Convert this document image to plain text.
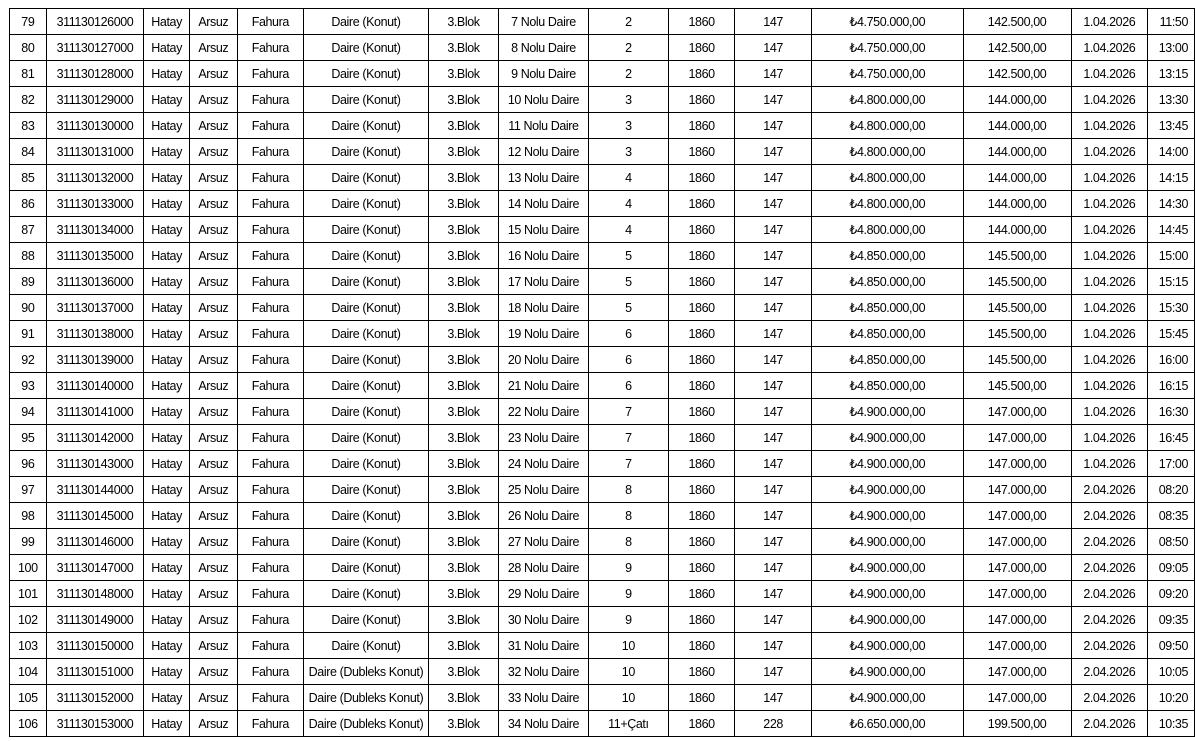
79	311130126000	Hatay	Arsuz	Fahura	Daire (Konut)	3.Blok	7 Nolu Daire	2	1860	147	₺4.750.000,00	142.500,00	1.04.2026	11:50
80	311130127000	Hatay	Arsuz	Fahura	Daire (Konut)	3.Blok	8 Nolu Daire	2	1860	147	₺4.750.000,00	142.500,00	1.04.2026	13:00
81	311130128000	Hatay	Arsuz	Fahura	Daire (Konut)	3.Blok	9 Nolu Daire	2	1860	147	₺4.750.000,00	142.500,00	1.04.2026	13:15
82	311130129000	Hatay	Arsuz	Fahura	Daire (Konut)	3.Blok	10 Nolu Daire	3	1860	147	₺4.800.000,00	144.000,00	1.04.2026	13:30
83	311130130000	Hatay	Arsuz	Fahura	Daire (Konut)	3.Blok	11 Nolu Daire	3	1860	147	₺4.800.000,00	144.000,00	1.04.2026	13:45
84	311130131000	Hatay	Arsuz	Fahura	Daire (Konut)	3.Blok	12 Nolu Daire	3	1860	147	₺4.800.000,00	144.000,00	1.04.2026	14:00
85	311130132000	Hatay	Arsuz	Fahura	Daire (Konut)	3.Blok	13 Nolu Daire	4	1860	147	₺4.800.000,00	144.000,00	1.04.2026	14:15
86	311130133000	Hatay	Arsuz	Fahura	Daire (Konut)	3.Blok	14 Nolu Daire	4	1860	147	₺4.800.000,00	144.000,00	1.04.2026	14:30
87	311130134000	Hatay	Arsuz	Fahura	Daire (Konut)	3.Blok	15 Nolu Daire	4	1860	147	₺4.800.000,00	144.000,00	1.04.2026	14:45
88	311130135000	Hatay	Arsuz	Fahura	Daire (Konut)	3.Blok	16 Nolu Daire	5	1860	147	₺4.850.000,00	145.500,00	1.04.2026	15:00
89	311130136000	Hatay	Arsuz	Fahura	Daire (Konut)	3.Blok	17 Nolu Daire	5	1860	147	₺4.850.000,00	145.500,00	1.04.2026	15:15
90	311130137000	Hatay	Arsuz	Fahura	Daire (Konut)	3.Blok	18 Nolu Daire	5	1860	147	₺4.850.000,00	145.500,00	1.04.2026	15:30
91	311130138000	Hatay	Arsuz	Fahura	Daire (Konut)	3.Blok	19 Nolu Daire	6	1860	147	₺4.850.000,00	145.500,00	1.04.2026	15:45
92	311130139000	Hatay	Arsuz	Fahura	Daire (Konut)	3.Blok	20 Nolu Daire	6	1860	147	₺4.850.000,00	145.500,00	1.04.2026	16:00
93	311130140000	Hatay	Arsuz	Fahura	Daire (Konut)	3.Blok	21 Nolu Daire	6	1860	147	₺4.850.000,00	145.500,00	1.04.2026	16:15
94	311130141000	Hatay	Arsuz	Fahura	Daire (Konut)	3.Blok	22 Nolu Daire	7	1860	147	₺4.900.000,00	147.000,00	1.04.2026	16:30
95	311130142000	Hatay	Arsuz	Fahura	Daire (Konut)	3.Blok	23 Nolu Daire	7	1860	147	₺4.900.000,00	147.000,00	1.04.2026	16:45
96	311130143000	Hatay	Arsuz	Fahura	Daire (Konut)	3.Blok	24 Nolu Daire	7	1860	147	₺4.900.000,00	147.000,00	1.04.2026	17:00
97	311130144000	Hatay	Arsuz	Fahura	Daire (Konut)	3.Blok	25 Nolu Daire	8	1860	147	₺4.900.000,00	147.000,00	2.04.2026	08:20
98	311130145000	Hatay	Arsuz	Fahura	Daire (Konut)	3.Blok	26 Nolu Daire	8	1860	147	₺4.900.000,00	147.000,00	2.04.2026	08:35
99	311130146000	Hatay	Arsuz	Fahura	Daire (Konut)	3.Blok	27 Nolu Daire	8	1860	147	₺4.900.000,00	147.000,00	2.04.2026	08:50
100	311130147000	Hatay	Arsuz	Fahura	Daire (Konut)	3.Blok	28 Nolu Daire	9	1860	147	₺4.900.000,00	147.000,00	2.04.2026	09:05
101	311130148000	Hatay	Arsuz	Fahura	Daire (Konut)	3.Blok	29 Nolu Daire	9	1860	147	₺4.900.000,00	147.000,00	2.04.2026	09:20
102	311130149000	Hatay	Arsuz	Fahura	Daire (Konut)	3.Blok	30 Nolu Daire	9	1860	147	₺4.900.000,00	147.000,00	2.04.2026	09:35
103	311130150000	Hatay	Arsuz	Fahura	Daire (Konut)	3.Blok	31 Nolu Daire	10	1860	147	₺4.900.000,00	147.000,00	2.04.2026	09:50
104	311130151000	Hatay	Arsuz	Fahura	Daire (Dubleks Konut)	3.Blok	32 Nolu Daire	10	1860	147	₺4.900.000,00	147.000,00	2.04.2026	10:05
105	311130152000	Hatay	Arsuz	Fahura	Daire (Dubleks Konut)	3.Blok	33 Nolu Daire	10	1860	147	₺4.900.000,00	147.000,00	2.04.2026	10:20
106	311130153000	Hatay	Arsuz	Fahura	Daire (Dubleks Konut)	3.Blok	34 Nolu Daire	11+Çatı	1860	228	₺6.650.000,00	199.500,00	2.04.2026	10:35
